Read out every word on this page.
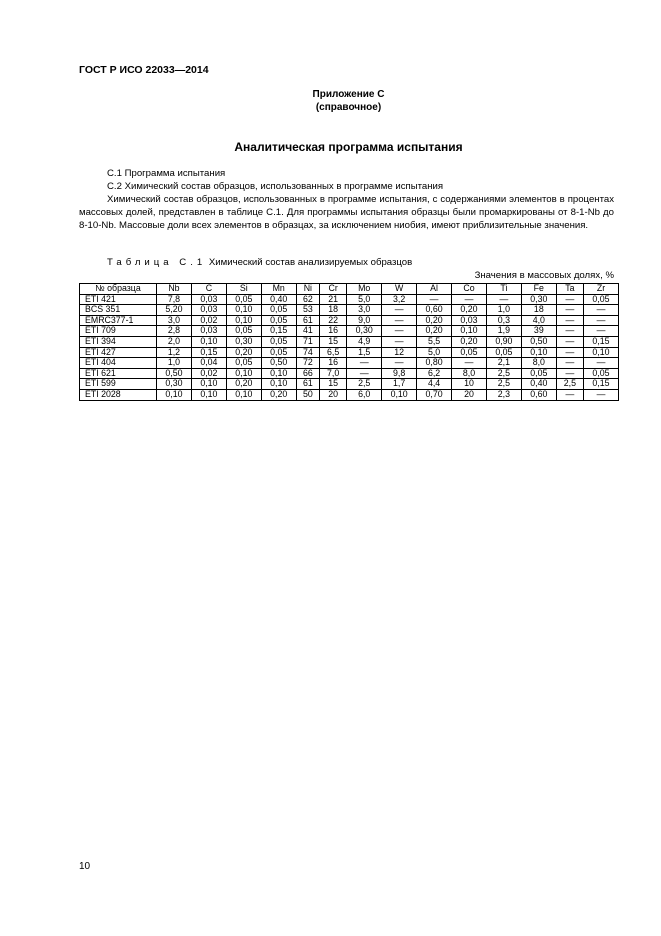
ГОСТ Р ИСО 22033—2014
Приложение С
(справочное)
Аналитическая программа испытания
С.1 Программа испытания
С.2 Химический состав образцов, использованных в программе испытания
Химический состав образцов, использованных в программе испытания, с содержаниями элементов в процентах массовых долей, представлен в таблице С.1. Для программы испытания образцы были промаркированы от 8-1-Nb до 8-10-Nb. Массовые доли всех элементов в образцах, за исключением ниобия, имеют приблизительные значения.
Таблица С.1 Химический состав анализируемых образцов
Значения в массовых долях, %
№ образца	Nb	C	Si	Mn	Ni	Cr	Mo	W	Al	Co	Ti	Fe	Ta	Zr
ETI 421	7,8	0,03	0,05	0,40	62	21	5,0	3,2	—	—	—	0,30	—	0,05
BCS 351	5,20	0,03	0,10	0,05	53	18	3,0	—	0,60	0,20	1,0	18	—	—
EMRC377-1	3,0	0,02	0,10	0,05	61	22	9,0	—	0,20	0,03	0,3	4,0	—	—
ETI 709	2,8	0,03	0,05	0,15	41	16	0,30	—	0,20	0,10	1,9	39	—	—
ETI 394	2,0	0,10	0,30	0,05	71	15	4,9	—	5,5	0,20	0,90	0,50	—	0,15
ETI 427	1,2	0,15	0,20	0,05	74	6,5	1,5	12	5,0	0,05	0,05	0,10	—	0,10
ETI 404	1,0	0,04	0,05	0,50	72	16	—	—	0,80	—	2,1	8,0	—	—
ETI 621	0,50	0,02	0,10	0,10	66	7,0	—	9,8	6,2	8,0	2,5	0,05	—	0,05
ETI 599	0,30	0,10	0,20	0,10	61	15	2,5	1,7	4,4	10	2,5	0,40	2,5	0,15
ETI 2028	0,10	0,10	0,10	0,20	50	20	6,0	0,10	0,70	20	2,3	0,60	—	—
10
